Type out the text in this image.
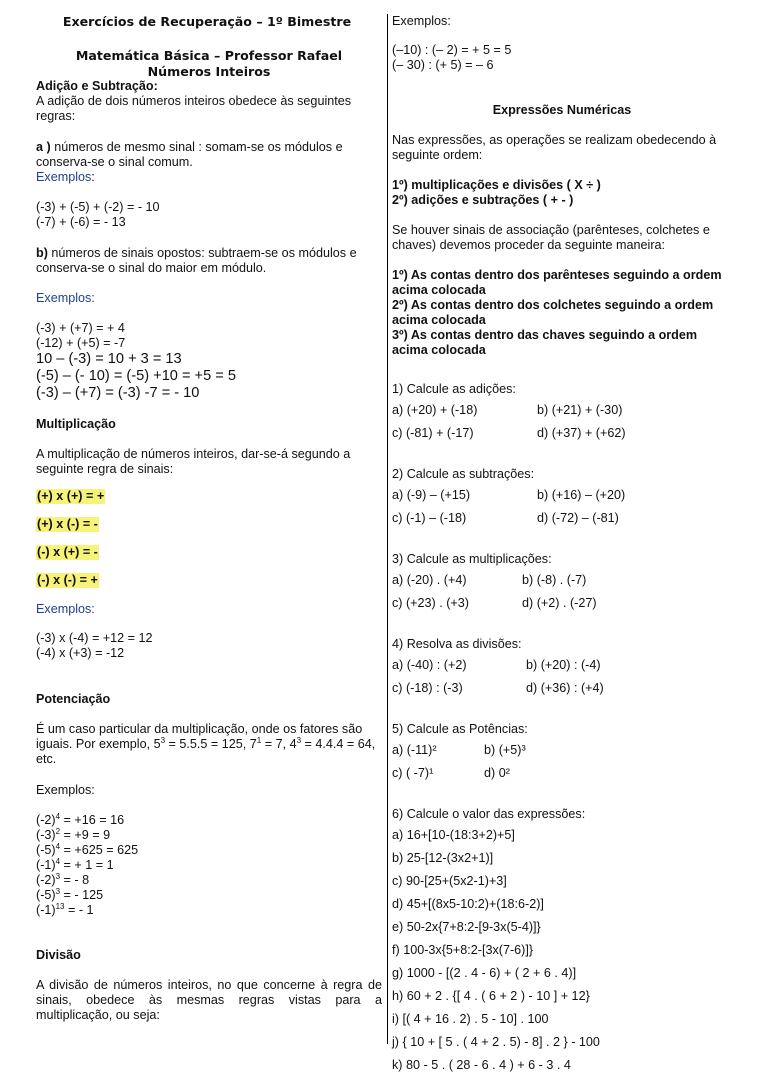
Exercícios de Recuperação – 1º Bimestre
Matemática Básica – Professor Rafael
Números Inteiros
Adição e Subtração:
A adição de dois números inteiros obedece às seguintes regras:
a ) números de mesmo sinal : somam-se os módulos e conserva-se o sinal comum.
Exemplos:
(-3) + (-5) + (-2) = - 10
(-7) + (-6) = - 13
b) números de sinais opostos: subtraem-se os módulos e conserva-se o sinal do maior em módulo.
Exemplos:
(-3) + (+7) = + 4
(-12) + (+5) = -7
10 – (-3) = 10 + 3 = 13
(-5) – (- 10) = (-5) +10 = +5 = 5
(-3) – (+7) = (-3) -7 = - 10
Multiplicação
A multiplicação de números inteiros, dar-se-á segundo a seguinte regra de sinais:
(+) x (+) = +
(+) x (-) = -
(-) x (+) = -
(-) x (-) = +
Exemplos:
(-3) x (-4) = +12 = 12
(-4) x (+3) = -12
Potenciação
É um caso particular da multiplicação, onde os fatores são iguais. Por exemplo, $5^3 = 5.5.5 = 125$, $7^1 = 7$, $4^3 = 4.4.4 = 64$, etc.
Exemplos:
$(-2)^4 = +16 = 16$
$(-3)^2 = +9 = 9$
$(-5)^4 = +625 = 625$
$(-1)^4$ = + 1 = 1
$(-2)^3$ = - 8
$(-5)^3$ = - 125
$(-1)^{13}$ = - 1
Divisão
A divisão de números inteiros, no que concerne à regra de sinais, obedece às mesmas regras vistas para a multiplicação, ou seja:
Exemplos:
(–10) : (– 2) = + 5 = 5
(– 30) : (+ 5) = – 6
Expressões Numéricas
Nas expressões, as operações se realizam obedecendo à seguinte ordem:
1º) multiplicações e divisões ( X ÷ )
2º) adições e subtrações ( + - )
Se houver sinais de associação (parênteses, colchetes e chaves) devemos proceder da seguinte maneira:
1º) As contas dentro dos parênteses seguindo a ordem acima colocada
2º) As contas dentro dos colchetes seguindo a ordem acima colocada
3º) As contas dentro das chaves seguindo a ordem acima colocada
1) Calcule as adições:
a) (+20) + (-18)	b) (+21) + (-30)
c) (-81) + (-17)	d) (+37) + (+62)
2) Calcule as subtrações:
a) (-9) – (+15)	b) (+16) – (+20)
c) (-1) – (-18)	d) (-72) – (-81)
3) Calcule as multiplicações:
a) (-20) . (+4)	b) (-8) . (-7)
c) (+23) . (+3)	d) (+2) . (-27)
4) Resolva as divisões:
a) (-40) : (+2)	b) (+20) : (-4)
c) (-18) : (-3)	d) (+36) : (+4)
5) Calcule as Potências:
a) (-11)²	b) (+5)³
c) ( -7)¹	d) 0²
6) Calcule o valor das expressões:
a) 16+[10-(18:3+2)+5]
b) 25-[12-(3x2+1)]
c) 90-[25+(5x2-1)+3]
d) 45+[(8x5-10:2)+(18:6-2)]
e) 50-2x{7+8:2-[9-3x(5-4)]}
f) 100-3x{5+8:2-[3x(7-6)]}
g) 1000 - [(2 . 4 - 6) + ( 2 + 6 . 4)]
h) 60 + 2 . {[ 4 . ( 6 + 2 ) - 10 ] + 12}
i) [( 4 + 16 . 2) . 5 - 10] . 100
j) { 10 + [ 5 . ( 4 + 2 . 5) - 8] . 2 } - 100
k) 80 - 5 . ( 28 - 6 . 4 ) + 6 - 3 . 4
